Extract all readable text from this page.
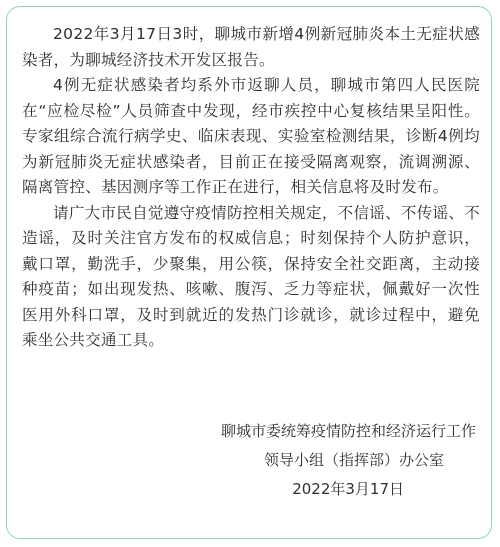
2022年3月17日3时，聊城市新增4例新冠肺炎本土无症状感染者，为聊城经济技术开发区报告。

4例无症状感染者均系外市返聊人员，聊城市第四人民医院在“应检尽检”人员筛查中发现，经市疾控中心复核结果呈阳性。专家组综合流行病学史、临床表现、实验室检测结果，诊断4例均为新冠肺炎无症状感染者，目前正在接受隔离观察，流调溯源、隔离管控、基因测序等工作正在进行，相关信息将及时发布。

请广大市民自觉遵守疫情防控相关规定，不信谣、不传谣、不造谣，及时关注官方发布的权威信息；时刻保持个人防护意识，戴口罩，勤洗手，少聚集，用公筷，保持安全社交距离，主动接种疫苗；如出现发热、咳嗽、腹泻、乏力等症状，佩戴好一次性医用外科口罩，及时到就近的发热门诊就诊，就诊过程中，避免乘坐公共交通工具。

聊城市委统筹疫情防控和经济运行工作
领导小组（指挥部）办公室
2022年3月17日
